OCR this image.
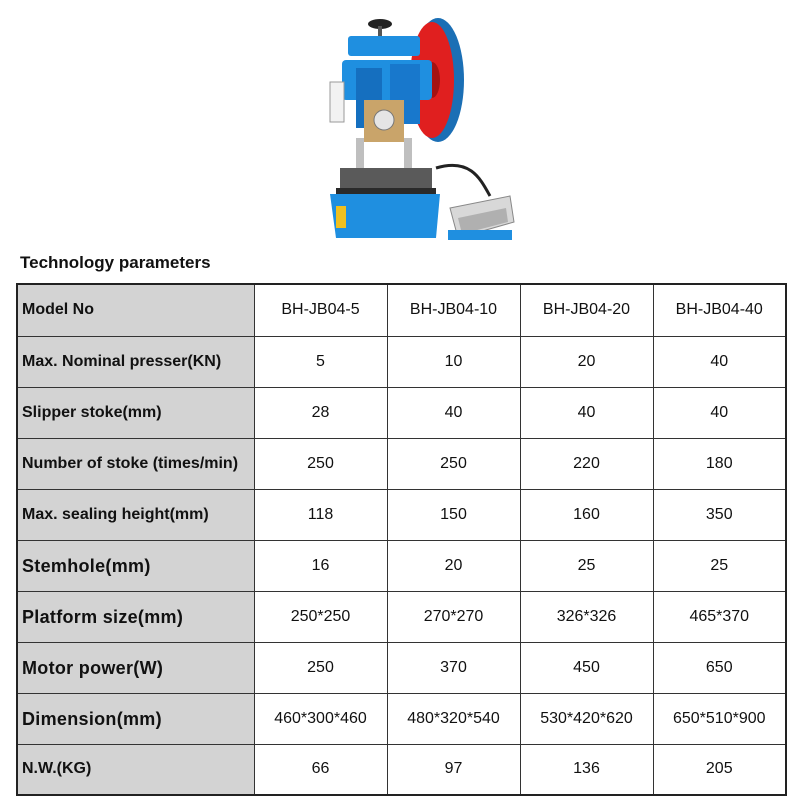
Technology parameters
Model No	BH-JB04-5	BH-JB04-10	BH-JB04-20	BH-JB04-40
Max. Nominal presser(KN)	5	10	20	40
Slipper stoke(mm)	28	40	40	40
Number of stoke (times/min)	250	250	220	180
Max. sealing height(mm)	118	150	160	350
Stemhole(mm)	16	20	25	25
Platform size(mm)	250*250	270*270	326*326	465*370
Motor power(W)	250	370	450	650
Dimension(mm)	460*300*460	480*320*540	530*420*620	650*510*900
N.W.(KG)	66	97	136	205
